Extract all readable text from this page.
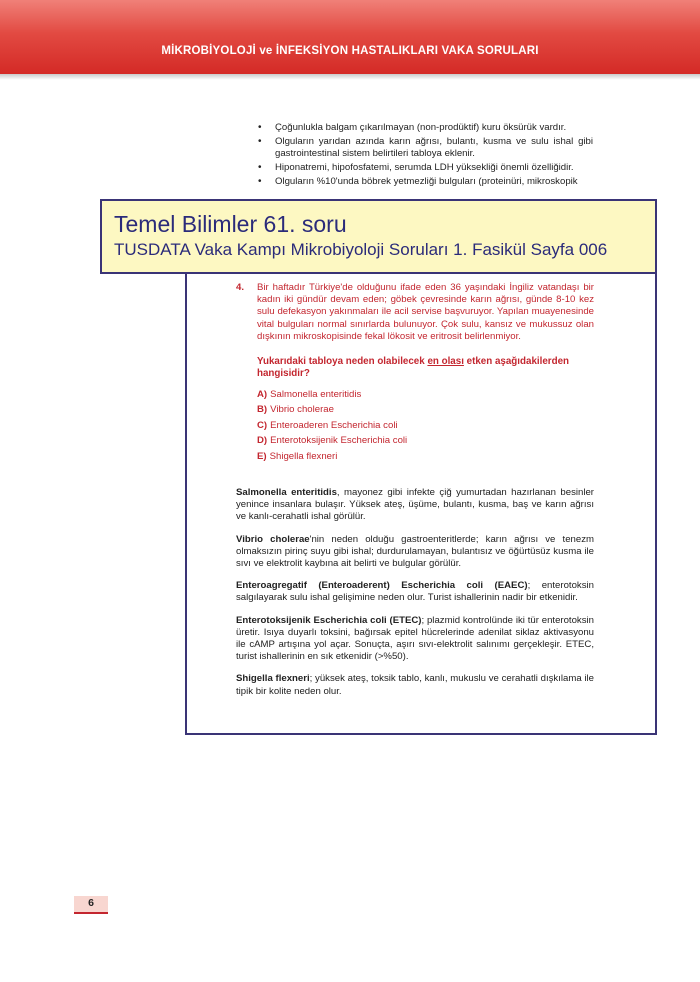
MİKROBİYOLOJİ ve İNFEKSİYON HASTALIKLARI VAKA SORULARI
• Çoğunlukla balgam çıkarılmayan (non-prodüktif) kuru öksürük vardır.
• Olguların yarıdan azında karın ağrısı, bulantı, kusma ve sulu ishal gibi gastrointestinal sistem belirtileri tabloya eklenir.
• Hiponatremi, hipofosfatemi, serumda LDH yüksekliği önemli özelliğidir.
• Olguların %10'unda böbrek yetmezliği bulguları (proteinüri, mikroskopik
4. Bir haftadır Türkiye'de olduğunu ifade eden 36 yaşındaki İngiliz vatandaşı bir kadın iki gündür devam eden; göbek çevresinde karın ağrısı, günde 8-10 kez sulu defekasyon yakınmaları ile acil servise başvuruyor. Yapılan muayenesinde vital bulguları normal sınırlarda bulunuyor. Çok sulu, kansız ve mukussuz olan dışkının mikroskopisinde fekal lökosit ve eritrosit belirlenmiyor.

Yukarıdaki tabloya neden olabilecek en olası etken aşağıdakilerden hangisidir?

A) Salmonella enteritidis
B) Vibrio cholerae
C) Enteroaderen Escherichia coli
D) Enterotoksijenik Escherichia coli
E) Shigella flexneri

Salmonella enteritidis, mayonez gibi infekte çiğ yumurtadan hazırlanan besinler yenince insanlara bulaşır. Yüksek ateş, üşüme, bulantı, kusma, baş ve karın ağrısı ve kanlı-cerahatli ishal görülür.

Vibrio cholerae'nin neden olduğu gastroenteritlerde; karın ağrısı ve tenezm olmaksızın pirinç suyu gibi ishal; durdurulamayan, bulantısız ve öğürtüsüz kusma ile sıvı ve elektrolit kaybına ait belirti ve bulgular görülür.

Enteroagregatif (Enteroaderent) Escherichia coli (EAEC); enterotoksin salgılayarak sulu ishal gelişimine neden olur. Turist ishallerinin nadir bir etkenidir.

Enterotoksijenik Escherichia coli (ETEC); plazmid kontrolünde iki tür enterotoksin üretir. Isıya duyarlı toksini, bağırsak epitel hücrelerinde adenilat siklaz aktivasyonu ile cAMP artışına yol açar. Sonuçta, aşırı sıvı-elektrolit salınımı gerçekleşir. ETEC, turist ishallerinin en sık etkenidir (>%50).

Shigella flexneri; yüksek ateş, toksik tablo, kanlı, mukuslu ve cerahatli dışkılama ile tipik bir kolite neden olur.

Temel Bilimler 61. soru
TUSDATA Vaka Kampı Mikrobiyoloji Soruları 1. Fasikül Sayfa 006
6
